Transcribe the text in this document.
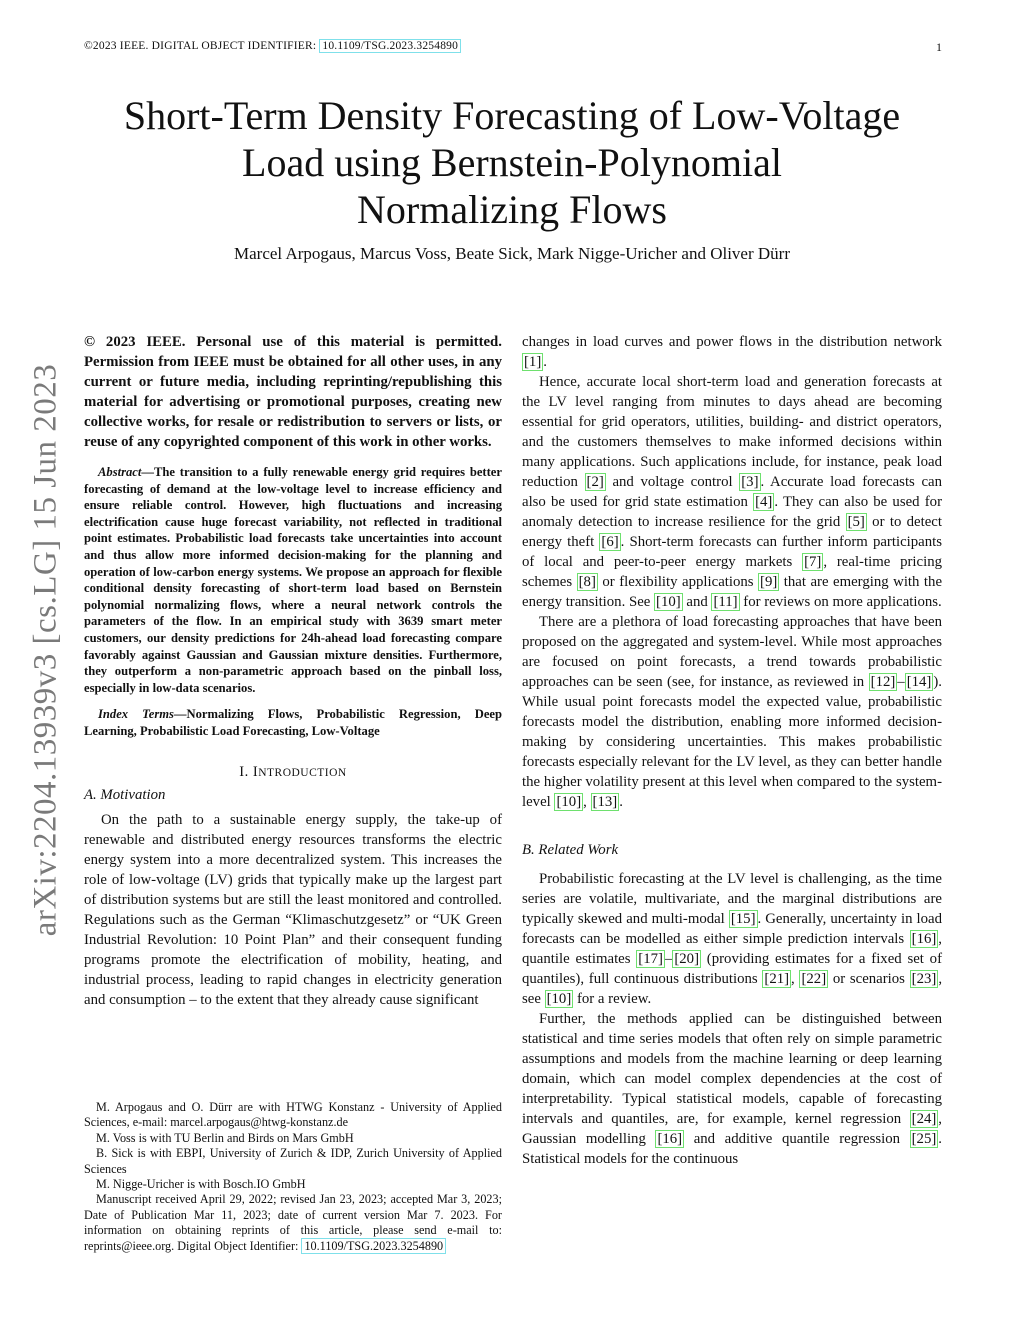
©2023 IEEE. DIGITAL OBJECT IDENTIFIER: 10.1109/TSG.2023.3254890	1
arXiv:2204.13939v3 [cs.LG] 15 Jun 2023
Short-Term Density Forecasting of Low-Voltage
Load using Bernstein-Polynomial
Normalizing Flows
Marcel Arpogaus, Marcus Voss, Beate Sick, Mark Nigge-Uricher and Oliver Dürr

© 2023 IEEE. Personal use of this material is permitted. Permission from IEEE must be obtained for all other uses, in any current or future media, including reprinting/republishing this material for advertising or promotional purposes, creating new collective works, for resale or redistribution to servers or lists, or reuse of any copyrighted component of this work in other works.

Abstract—The transition to a fully renewable energy grid requires better forecasting of demand at the low-voltage level to increase efficiency and ensure reliable control. However, high fluctuations and increasing electrification cause huge forecast variability, not reflected in traditional point estimates. Probabilistic load forecasts take uncertainties into account and thus allow more informed decision-making for the planning and operation of low-carbon energy systems. We propose an approach for flexible conditional density forecasting of short-term load based on Bernstein polynomial normalizing flows, where a neural network controls the parameters of the flow. In an empirical study with 3639 smart meter customers, our density predictions for 24h-ahead load forecasting compare favorably against Gaussian and Gaussian mixture densities. Furthermore, they outperform a non-parametric approach based on the pinball loss, especially in low-data scenarios.

Index Terms—Normalizing Flows, Probabilistic Regression, Deep Learning, Probabilistic Load Forecasting, Low-Voltage

I. INTRODUCTION
A. Motivation

On the path to a sustainable energy supply, the take-up of renewable and distributed energy resources transforms the electric energy system into a more decentralized system. This increases the role of low-voltage (LV) grids that typically make up the largest part of distribution systems but are still the least monitored and controlled. Regulations such as the German “Klimaschutzgesetz” or “UK Green Industrial Revolution: 10 Point Plan” and their consequent funding programs promote the electrification of mobility, heating, and industrial process, leading to rapid changes in electricity generation and consumption – to the extent that they already cause significant

M. Arpogaus and O. Dürr are with HTWG Konstanz - University of Applied Sciences, e-mail: marcel.arpogaus@htwg-konstanz.de

M. Voss is with TU Berlin and Birds on Mars GmbH

B. Sick is with EBPI, University of Zurich & IDP, Zurich University of Applied Sciences

M. Nigge-Uricher is with Bosch.IO GmbH

Manuscript received April 29, 2022; revised Jan 23, 2023; accepted Mar 3, 2023; Date of Publication Mar 11, 2023; date of current version Mar 7. 2023. For information on obtaining reprints of this article, please send e-mail to: reprints@ieee.org. Digital Object Identifier: 10.1109/TSG.2023.3254890

changes in load curves and power flows in the distribution network [1] .

Hence, accurate local short-term load and generation forecasts at the LV level ranging from minutes to days ahead are becoming essential for grid operators, utilities, building- and district operators, and the customers themselves to make informed decisions within many applications. Such applications include, for instance, peak load reduction [2] and voltage control [3] . Accurate load forecasts can also be used for grid state estimation [4] . They can also be used for anomaly detection to increase resilience for the grid [5] or to detect energy theft [6] . Short-term forecasts can further inform participants of local and peer-to-peer energy markets [7] , real-time pricing schemes [8] or flexibility applications [9] that are emerging with the energy transition. See [10] and [11] for reviews on more applications.

There are a plethora of load forecasting approaches that have been proposed on the aggregated and system-level. While most approaches are focused on point forecasts, a trend towards probabilistic approaches can be seen (see, for instance, as reviewed in [12] – [14] ). While usual point forecasts model the expected value, probabilistic forecasts model the distribution, enabling more informed decision-making by considering uncertainties. This makes probabilistic forecasts especially relevant for the LV level, as they can better handle the higher volatility present at this level when compared to the system-level [10] , [13] .

B. Related Work

Probabilistic forecasting at the LV level is challenging, as the time series are volatile, multivariate, and the marginal distributions are typically skewed and multi-modal [15] . Generally, uncertainty in load forecasts can be modelled as either simple prediction intervals [16] , quantile estimates [17] – [20] (providing estimates for a fixed set of quantiles), full continuous distributions [21] , [22] or scenarios [23] , see [10] for a review.

Further, the methods applied can be distinguished between statistical and time series models that often rely on simple parametric assumptions and models from the machine learning or deep learning domain, which can model complex dependencies at the cost of interpretability. Typical statistical models, capable of forecasting intervals and quantiles, are, for example, kernel regression [24] , Gaussian modelling [16] and additive quantile regression [25] . Statistical models for the continuous
